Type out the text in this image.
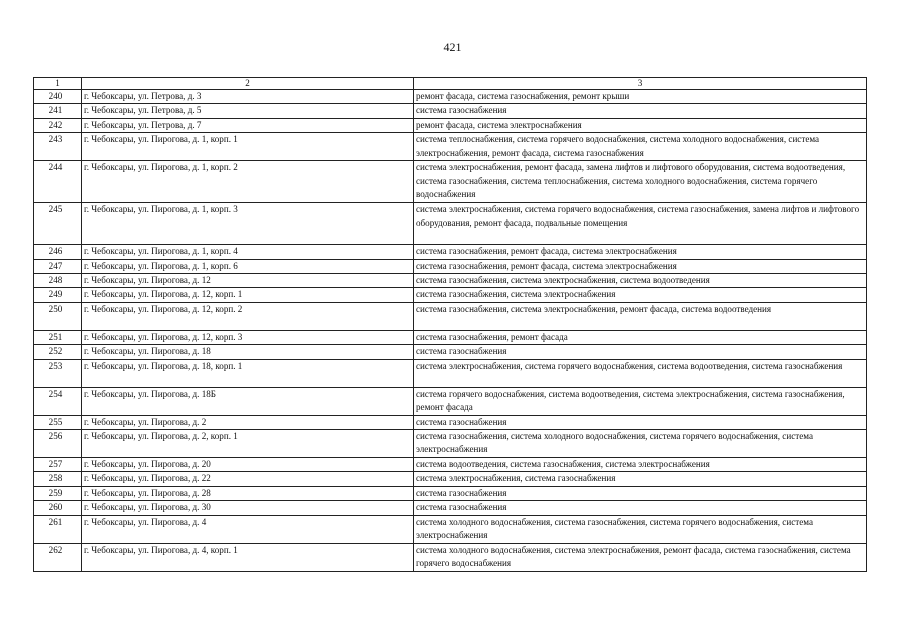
421
1	2	3
240	г. Чебоксары, ул. Петрова, д. 3	ремонт фасада, система газоснабжения, ремонт крыши
241	г. Чебоксары, ул. Петрова, д. 5	система газоснабжения
242	г. Чебоксары, ул. Петрова, д. 7	ремонт фасада, система электроснабжения
243	г. Чебоксары, ул. Пирогова, д. 1, корп. 1	система теплоснабжения, система горячего водоснабжения, система холодного водоснабжения, система электроснабжения, ремонт фасада, система газоснабжения
244	г. Чебоксары, ул. Пирогова, д. 1, корп. 2	система электроснабжения, ремонт фасада, замена лифтов и лифтового оборудования, система водоотведения, система газоснабжения, система теплоснабжения, система холодного водоснабжения, система горячего водоснабжения
245	г. Чебоксары, ул. Пирогова, д. 1, корп. 3	система электроснабжения, система горячего водоснабжения, система газоснабжения, замена лифтов и лифтового оборудования, ремонт фасада, подвальные помещения
246	г. Чебоксары, ул. Пирогова, д. 1, корп. 4	система газоснабжения, ремонт фасада, система электроснабжения
247	г. Чебоксары, ул. Пирогова, д. 1, корп. 6	система газоснабжения, ремонт фасада, система электроснабжения
248	г. Чебоксары, ул. Пирогова, д. 12	система газоснабжения, система электроснабжения, система водоотведения
249	г. Чебоксары, ул. Пирогова, д. 12, корп. 1	система газоснабжения, система электроснабжения
250	г. Чебоксары, ул. Пирогова, д. 12, корп. 2	система газоснабжения, система электроснабжения, ремонт фасада, система водоотведения
251	г. Чебоксары, ул. Пирогова, д. 12, корп. 3	система газоснабжения, ремонт фасада
252	г. Чебоксары, ул. Пирогова, д. 18	система газоснабжения
253	г. Чебоксары, ул. Пирогова, д. 18, корп. 1	система электроснабжения, система горячего водоснабжения, система водоотведения, система газоснабжения
254	г. Чебоксары, ул. Пирогова, д. 18Б	система горячего водоснабжения, система водоотведения, система электроснабжения, система газоснабжения, ремонт фасада
255	г. Чебоксары, ул. Пирогова, д. 2	система газоснабжения
256	г. Чебоксары, ул. Пирогова, д. 2, корп. 1	система газоснабжения, система холодного водоснабжения, система горячего водоснабжения, система электроснабжения
257	г. Чебоксары, ул. Пирогова, д. 20	система водоотведения, система газоснабжения, система электроснабжения
258	г. Чебоксары, ул. Пирогова, д. 22	система электроснабжения, система газоснабжения
259	г. Чебоксары, ул. Пирогова, д. 28	система газоснабжения
260	г. Чебоксары, ул. Пирогова, д. 30	система газоснабжения
261	г. Чебоксары, ул. Пирогова, д. 4	система холодного водоснабжения, система газоснабжения, система горячего водоснабжения, система электроснабжения
262	г. Чебоксары, ул. Пирогова, д. 4, корп. 1	система холодного водоснабжения, система электроснабжения, ремонт фасада, система газоснабжения, система горячего водоснабжения
